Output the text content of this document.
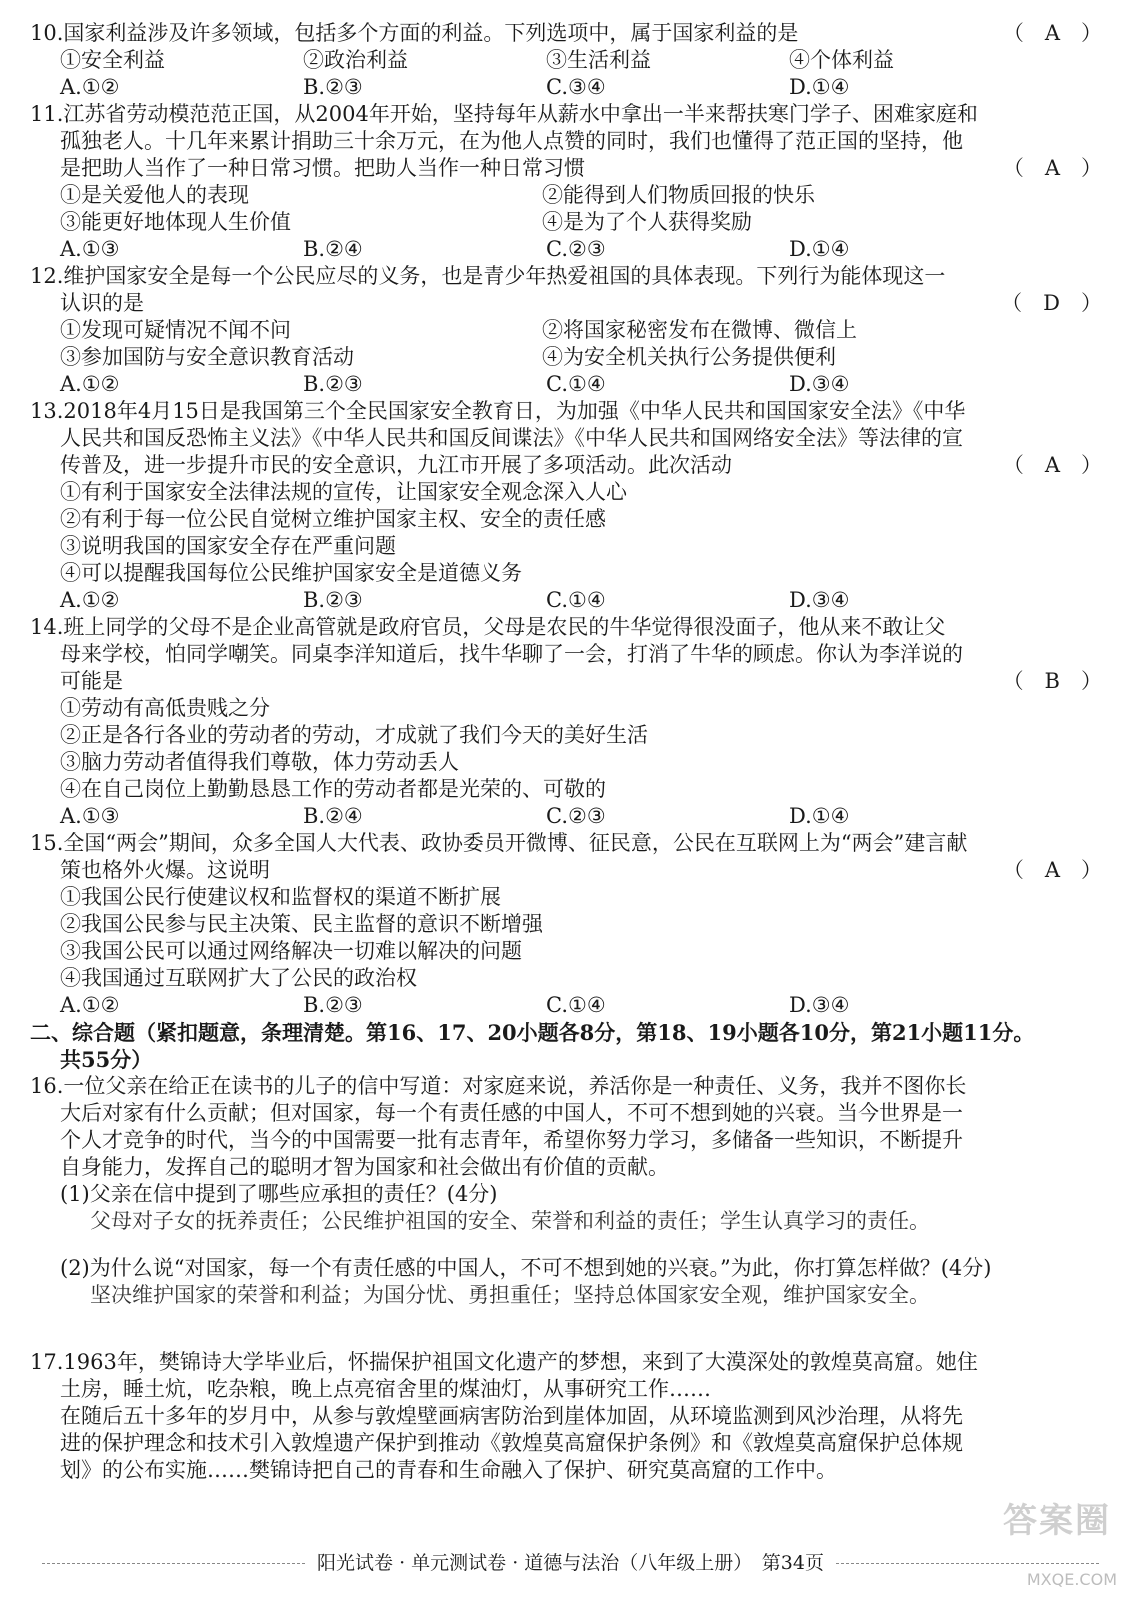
10.国家利益涉及许多领域，包括多个方面的利益。下列选项中，属于国家利益的是	（　A　）
①安全利益	②政治利益	③生活利益	④个体利益
A.①②	B.②③	C.③④	D.①④
11.江苏省劳动模范范正国，从2004年开始，坚持每年从薪水中拿出一半来帮扶寒门学子、困难家庭和
孤独老人。十几年来累计捐助三十余万元，在为他人点赞的同时，我们也懂得了范正国的坚持，他
是把助人当作了一种日常习惯。把助人当作一种日常习惯	（　A　）
①是关爱他人的表现	②能得到人们物质回报的快乐
③能更好地体现人生价值	④是为了个人获得奖励
A.①③	B.②④	C.②③	D.①④
12.维护国家安全是每一个公民应尽的义务，也是青少年热爱祖国的具体表现。下列行为能体现这一
认识的是	（　D　）
①发现可疑情况不闻不问	②将国家秘密发布在微博、微信上
③参加国防与安全意识教育活动	④为安全机关执行公务提供便利
A.①②	B.②③	C.①④	D.③④
13.2018年4月15日是我国第三个全民国家安全教育日，为加强《中华人民共和国国家安全法》《中华
人民共和国反恐怖主义法》《中华人民共和国反间谍法》《中华人民共和国网络安全法》等法律的宣
传普及，进一步提升市民的安全意识，九江市开展了多项活动。此次活动	（　A　）
①有利于国家安全法律法规的宣传，让国家安全观念深入人心
②有利于每一位公民自觉树立维护国家主权、安全的责任感
③说明我国的国家安全存在严重问题
④可以提醒我国每位公民维护国家安全是道德义务
A.①②	B.②③	C.①④	D.③④
14.班上同学的父母不是企业高管就是政府官员，父母是农民的牛华觉得很没面子，他从来不敢让父
母来学校，怕同学嘲笑。同桌李洋知道后，找牛华聊了一会，打消了牛华的顾虑。你认为李洋说的
可能是	（　B　）
①劳动有高低贵贱之分
②正是各行各业的劳动者的劳动，才成就了我们今天的美好生活
③脑力劳动者值得我们尊敬，体力劳动丢人
④在自己岗位上勤勤恳恳工作的劳动者都是光荣的、可敬的
A.①③	B.②④	C.②③	D.①④
15.全国“两会”期间，众多全国人大代表、政协委员开微博、征民意，公民在互联网上为“两会”建言献
策也格外火爆。这说明	（　A　）
①我国公民行使建议权和监督权的渠道不断扩展
②我国公民参与民主决策、民主监督的意识不断增强
③我国公民可以通过网络解决一切难以解决的问题
④我国通过互联网扩大了公民的政治权
A.①②	B.②③	C.①④	D.③④
二、综合题（紧扣题意，条理清楚。第16、17、20小题各8分，第18、19小题各10分，第21小题11分。
共55分）
16.一位父亲在给正在读书的儿子的信中写道：对家庭来说，养活你是一种责任、义务，我并不图你长
大后对家有什么贡献；但对国家，每一个有责任感的中国人，不可不想到她的兴衰。当今世界是一
个人才竞争的时代，当今的中国需要一批有志青年，希望你努力学习，多储备一些知识，不断提升
自身能力，发挥自己的聪明才智为国家和社会做出有价值的贡献。
(1)父亲在信中提到了哪些应承担的责任？(4分)
父母对子女的抚养责任；公民维护祖国的安全、荣誉和利益的责任；学生认真学习的责任。
(2)为什么说“对国家，每一个有责任感的中国人，不可不想到她的兴衰。”为此，你打算怎样做？(4分)
坚决维护国家的荣誉和利益；为国分忧、勇担重任；坚持总体国家安全观，维护国家安全。
17.1963年，樊锦诗大学毕业后，怀揣保护祖国文化遗产的梦想，来到了大漠深处的敦煌莫高窟。她住
土房，睡土炕，吃杂粮，晚上点亮宿舍里的煤油灯，从事研究工作……
在随后五十多年的岁月中，从参与敦煌壁画病害防治到崖体加固，从环境监测到风沙治理，从将先
进的保护理念和技术引入敦煌遗产保护到推动《敦煌莫高窟保护条例》和《敦煌莫高窟保护总体规
划》的公布实施……樊锦诗把自己的青春和生命融入了保护、研究莫高窟的工作中。
答案圈
MXQE.COM
阳光试卷 · 单元测试卷 · 道德与法治（八年级上册）　第34页
